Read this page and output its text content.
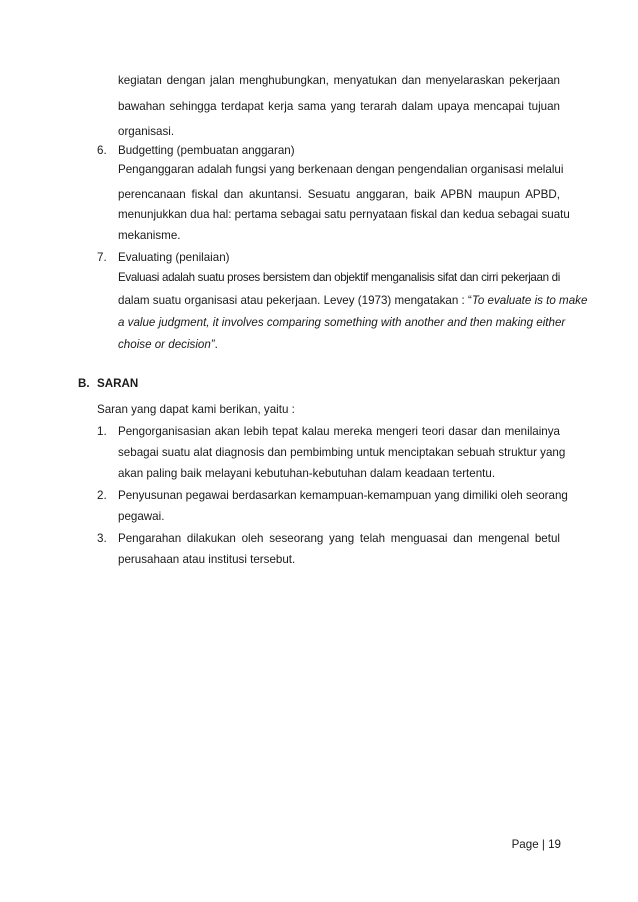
kegiatan dengan jalan menghubungkan, menyatukan dan menyelaraskan pekerjaan
bawahan sehingga terdapat kerja sama yang terarah dalam upaya mencapai tujuan
organisasi.
6. Budgetting (pembuatan anggaran)
Penganggaran adalah fungsi yang berkenaan dengan pengendalian organisasi melalui
perencanaan fiskal dan akuntansi. Sesuatu anggaran, baik APBN maupun APBD,
menunjukkan dua hal: pertama sebagai satu pernyataan fiskal dan kedua sebagai suatu
mekanisme.
7. Evaluating (penilaian)
Evaluasi adalah suatu proses bersistem dan objektif menganalisis sifat dan cirri pekerjaan di
dalam suatu organisasi atau pekerjaan. Levey (1973) mengatakan : “To evaluate is to make
a value judgment, it involves comparing something with another and then making either
choise or decision”.
B. SARAN
Saran yang dapat kami berikan, yaitu :
1. Pengorganisasian akan lebih tepat kalau mereka mengeri teori dasar dan menilainya
sebagai suatu alat diagnosis dan pembimbing untuk menciptakan sebuah struktur yang
akan paling baik melayani kebutuhan-kebutuhan dalam keadaan tertentu.
2. Penyusunan pegawai berdasarkan kemampuan-kemampuan yang dimiliki oleh seorang
pegawai.
3. Pengarahan dilakukan oleh seseorang yang telah menguasai dan mengenal betul
perusahaan atau institusi tersebut.
Page | 19
